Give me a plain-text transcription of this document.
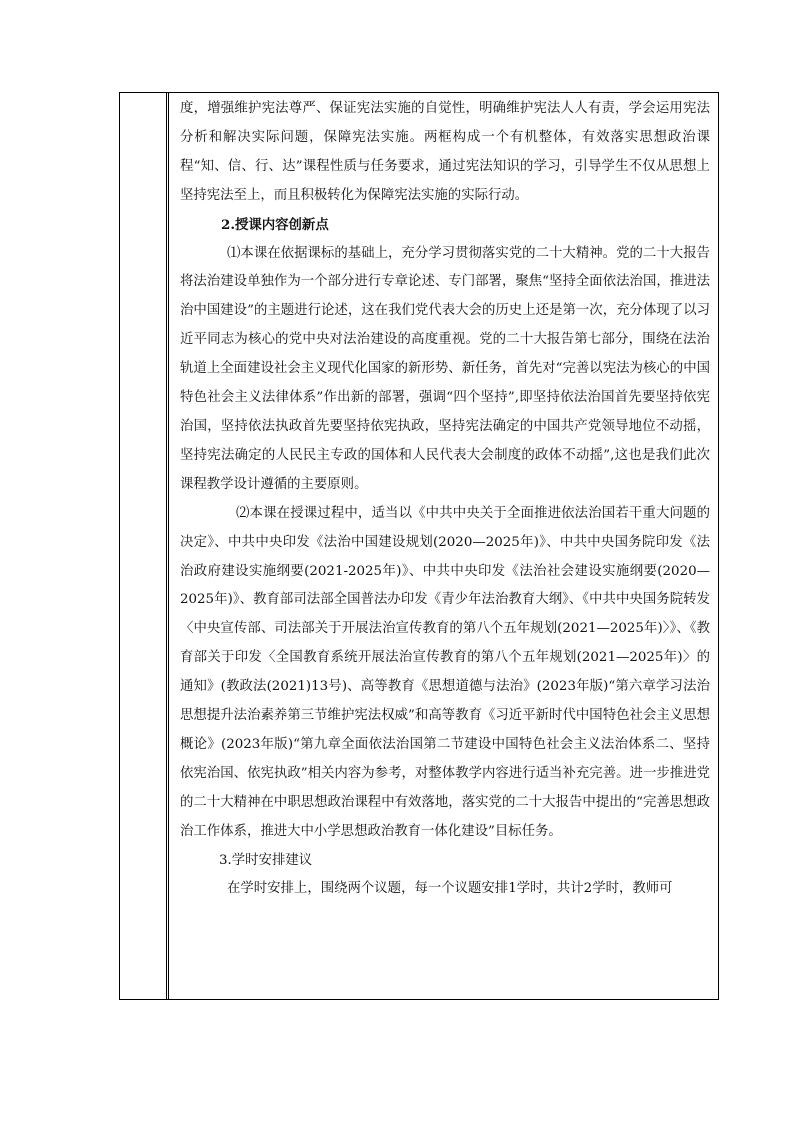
度，增强维护宪法尊严、保证宪法实施的自觉性，明确维护宪法人人有责，学会运用宪法分析和解决实际问题，保障宪法实施。两框构成一个有机整体，有效落实思想政治课程“知、信、行、达”课程性质与任务要求，通过宪法知识的学习，引导学生不仅从思想上坚持宪法至上，而且积极转化为保障宪法实施的实际行动。

2.授课内容创新点

⑴本课在依据课标的基础上，充分学习贯彻落实党的二十大精神。党的二十大报告将法治建设单独作为一个部分进行专章论述、专门部署，聚焦“坚持全面依法治国，推进法治中国建设”的主题进行论述，这在我们党代表大会的历史上还是第一次，充分体现了以习近平同志为核心的党中央对法治建设的高度重视。党的二十大报告第七部分，围绕在法治轨道上全面建设社会主义现代化国家的新形势、新任务，首先对“完善以宪法为核心的中国特色社会主义法律体系”作出新的部署，强调“四个坚持”,即坚持依法治国首先要坚持依宪治国，坚持依法执政首先要坚持依宪执政，坚持宪法确定的中国共产党领导地位不动摇，坚持宪法确定的人民民主专政的国体和人民代表大会制度的政体不动摇”,这也是我们此次课程教学设计遵循的主要原则。

⑵本课在授课过程中，适当以《中共中央关于全面推进依法治国若干重大问题的决定》、中共中央印发《法治中国建设规划(2020—2025年)》、中共中央国务院印发《法治政府建设实施纲要(2021-2025年)》、中共中央印发《法治社会建设实施纲要(2020—2025年)》、教育部司法部全国普法办印发《青少年法治教育大纲》、《中共中央国务院转发〈中央宣传部、司法部关于开展法治宣传教育的第八个五年规划(2021—2025年)〉》、《教育部关于印发〈全国教育系统开展法治宣传教育的第八个五年规划(2021—2025年)〉的通知》(教政法(2021)13号)、高等教育《思想道德与法治》(2023年版)“第六章学习法治思想提升法治素养第三节维护宪法权威”和高等教育《习近平新时代中国特色社会主义思想概论》(2023年版)“第九章全面依法治国第二节建设中国特色社会主义法治体系二、坚持依宪治国、依宪执政”相关内容为参考，对整体教学内容进行适当补充完善。进一步推进党的二十大精神在中职思想政治课程中有效落地，落实党的二十大报告中提出的“完善思想政治工作体系，推进大中小学思想政治教育一体化建设”目标任务。

3.学时安排建议

在学时安排上，围绕两个议题，每一个议题安排1学时，共计2学时，教师可
